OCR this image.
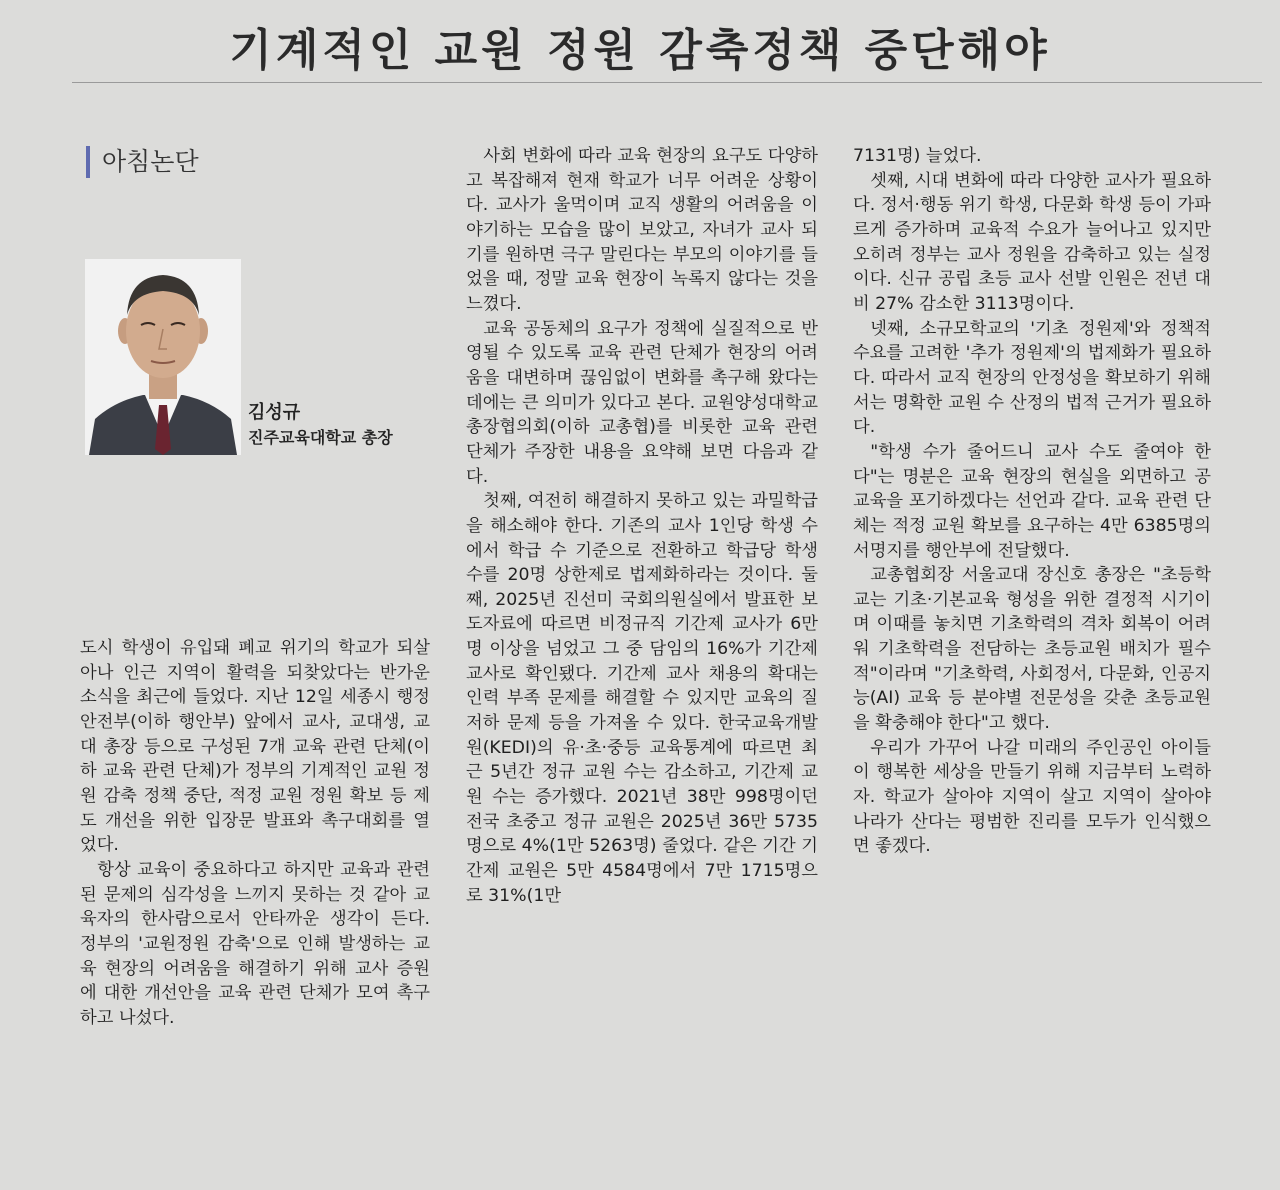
기계적인 교원 정원 감축정책 중단해야
아침논단
김성규
진주교육대학교 총장

도시 학생이 유입돼 폐교 위기의 학교가 되살아나 인근 지역이 활력을 되찾았다는 반가운 소식을 최근에 들었다. 지난 12일 세종시 행정안전부(이하 행안부) 앞에서 교사, 교대생, 교대 총장 등으로 구성된 7개 교육 관련 단체(이하 교육 관련 단체)가 정부의 기계적인 교원 정원 감축 정책 중단, 적정 교원 정원 확보 등 제도 개선을 위한 입장문 발표와 촉구대회를 열었다.

항상 교육이 중요하다고 하지만 교육과 관련된 문제의 심각성을 느끼지 못하는 것 같아 교육자의 한사람으로서 안타까운 생각이 든다. 정부의 '교원정원 감축'으로 인해 발생하는 교육 현장의 어려움을 해결하기 위해 교사 증원에 대한 개선안을 교육 관련 단체가 모여 촉구하고 나섰다.

사회 변화에 따라 교육 현장의 요구도 다양하고 복잡해져 현재 학교가 너무 어려운 상황이다. 교사가 울먹이며 교직 생활의 어려움을 이야기하는 모습을 많이 보았고, 자녀가 교사 되기를 원하면 극구 말린다는 부모의 이야기를 들었을 때, 정말 교육 현장이 녹록지 않다는 것을 느꼈다.

교육 공동체의 요구가 정책에 실질적으로 반영될 수 있도록 교육 관련 단체가 현장의 어려움을 대변하며 끊임없이 변화를 촉구해 왔다는 데에는 큰 의미가 있다고 본다. 교원양성대학교총장협의회(이하 교총협)를 비롯한 교육 관련 단체가 주장한 내용을 요약해 보면 다음과 같다.

첫째, 여전히 해결하지 못하고 있는 과밀학급을 해소해야 한다. 기존의 교사 1인당 학생 수에서 학급 수 기준으로 전환하고 학급당 학생 수를 20명 상한제로 법제화하라는 것이다. 둘째, 2025년 진선미 국회의원실에서 발표한 보도자료에 따르면 비정규직 기간제 교사가 6만 명 이상을 넘었고 그 중 담임의 16%가 기간제교사로 확인됐다. 기간제 교사 채용의 확대는 인력 부족 문제를 해결할 수 있지만 교육의 질 저하 문제 등을 가져올 수 있다. 한국교육개발원(KEDI)의 유·초·중등 교육통계에 따르면 최근 5년간 정규 교원 수는 감소하고, 기간제 교원 수는 증가했다. 2021년 38만 998명이던 전국 초중고 정규 교원은 2025년 36만 5735명으로 4%(1만 5263명) 줄었다. 같은 기간 기간제 교원은 5만 4584명에서 7만 1715명으로 31%(1만

7131명) 늘었다.

셋째, 시대 변화에 따라 다양한 교사가 필요하다. 정서·행동 위기 학생, 다문화 학생 등이 가파르게 증가하며 교육적 수요가 늘어나고 있지만 오히려 정부는 교사 정원을 감축하고 있는 실정이다. 신규 공립 초등 교사 선발 인원은 전년 대비 27% 감소한 3113명이다.

넷째, 소규모학교의 '기초 정원제'와 정책적 수요를 고려한 '추가 정원제'의 법제화가 필요하다. 따라서 교직 현장의 안정성을 확보하기 위해서는 명확한 교원 수 산정의 법적 근거가 필요하다.

"학생 수가 줄어드니 교사 수도 줄여야 한다"는 명분은 교육 현장의 현실을 외면하고 공교육을 포기하겠다는 선언과 같다. 교육 관련 단체는 적정 교원 확보를 요구하는 4만 6385명의 서명지를 행안부에 전달했다.

교총협회장 서울교대 장신호 총장은 "초등학교는 기초·기본교육 형성을 위한 결정적 시기이며 이때를 놓치면 기초학력의 격차 회복이 어려워 기초학력을 전담하는 초등교원 배치가 필수적"이라며 "기초학력, 사회정서, 다문화, 인공지능(AI) 교육 등 분야별 전문성을 갖춘 초등교원을 확충해야 한다"고 했다.

우리가 가꾸어 나갈 미래의 주인공인 아이들이 행복한 세상을 만들기 위해 지금부터 노력하자. 학교가 살아야 지역이 살고 지역이 살아야 나라가 산다는 평범한 진리를 모두가 인식했으면 좋겠다.
